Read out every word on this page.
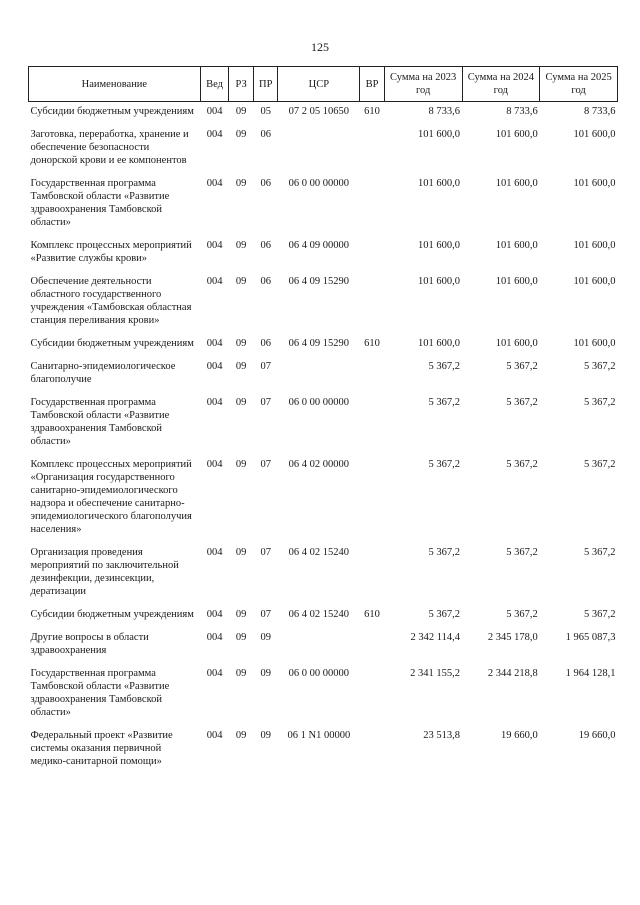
125
Наименование	Вед	РЗ	ПР	ЦСР	ВР	Сумма на 2023 год	Сумма на 2024 год	Сумма на 2025 год
Субсидии бюджетным учреждениям	004	09	05	07 2 05 10650	610	8 733,6	8 733,6	8 733,6
Заготовка, переработка, хранение и обеспечение безопасности донорской крови и ее компонентов	004	09	06			101 600,0	101 600,0	101 600,0
Государственная программа Тамбовской области «Развитие здравоохранения Тамбовской области»	004	09	06	06 0 00 00000		101 600,0	101 600,0	101 600,0
Комплекс процессных мероприятий «Развитие службы крови»	004	09	06	06 4 09 00000		101 600,0	101 600,0	101 600,0
Обеспечение деятельности областного государственного учреждения «Тамбовская областная станция переливания крови»	004	09	06	06 4 09 15290		101 600,0	101 600,0	101 600,0
Субсидии бюджетным учреждениям	004	09	06	06 4 09 15290	610	101 600,0	101 600,0	101 600,0
Санитарно-эпидемиологическое благополучие	004	09	07			5 367,2	5 367,2	5 367,2
Государственная программа Тамбовской области «Развитие здравоохранения Тамбовской области»	004	09	07	06 0 00 00000		5 367,2	5 367,2	5 367,2
Комплекс процессных мероприятий «Организация государственного санитарно-эпидемиологического надзора и обеспечение санитарно-эпидемиологического благополучия населения»	004	09	07	06 4 02 00000		5 367,2	5 367,2	5 367,2
Организация проведения мероприятий по заключительной дезинфекции, дезинсекции, дератизации	004	09	07	06 4 02 15240		5 367,2	5 367,2	5 367,2
Субсидии бюджетным учреждениям	004	09	07	06 4 02 15240	610	5 367,2	5 367,2	5 367,2
Другие вопросы в области здравоохранения	004	09	09			2 342 114,4	2 345 178,0	1 965 087,3
Государственная программа Тамбовской области «Развитие здравоохранения Тамбовской области»	004	09	09	06 0 00 00000		2 341 155,2	2 344 218,8	1 964 128,1
Федеральный проект «Развитие системы оказания первичной медико-санитарной помощи»	004	09	09	06 1 N1 00000		23 513,8	19 660,0	19 660,0
